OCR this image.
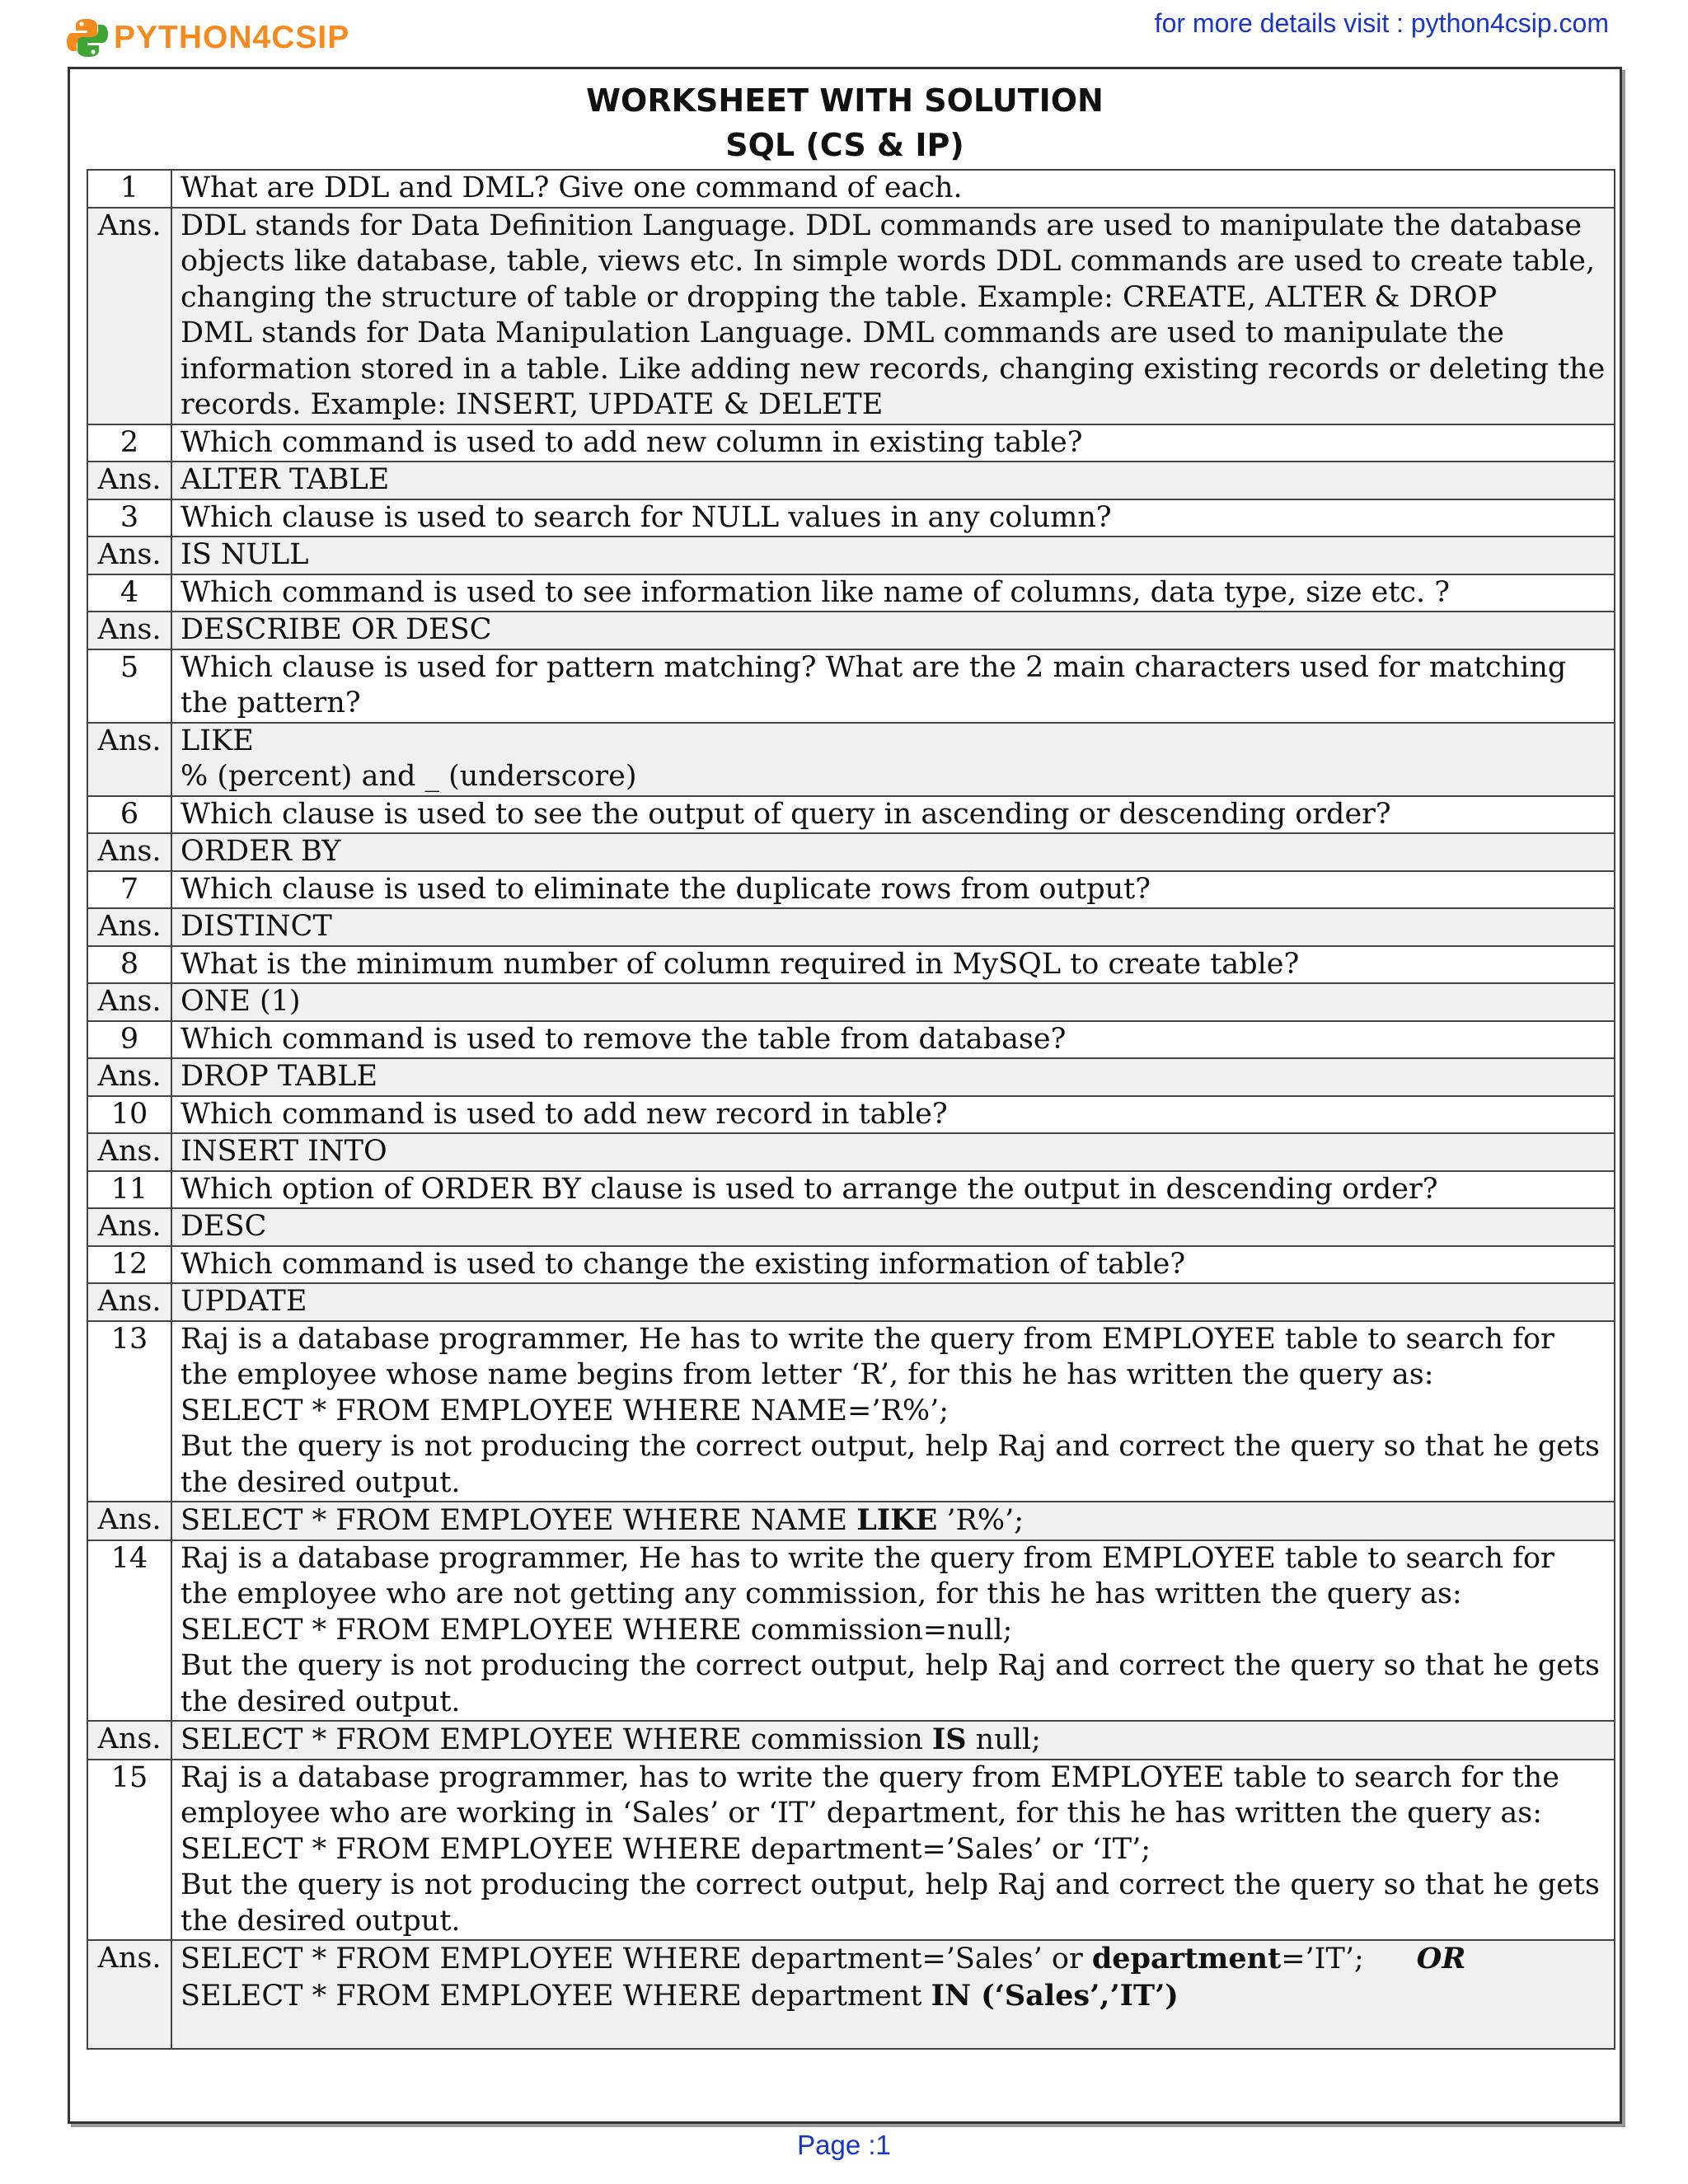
PYTHON4CSIP	for more details visit : python4csip.com
WORKSHEET WITH SOLUTION
SQL (CS & IP)
1	What are DDL and DML? Give one command of each.
Ans.	DDL stands for Data Definition Language. DDL commands are used to manipulate the database objects like database, table, views etc. In simple words DDL commands are used to create table, changing the structure of table or dropping the table. Example: CREATE, ALTER & DROP
DML stands for Data Manipulation Language. DML commands are used to manipulate the information stored in a table. Like adding new records, changing existing records or deleting the records. Example: INSERT, UPDATE & DELETE

2	Which command is used to add new column in existing table?
Ans.	ALTER TABLE
3	Which clause is used to search for NULL values in any column?
Ans.	IS NULL
4	Which command is used to see information like name of columns, data type, size etc. ?
Ans.	DESCRIBE OR DESC
5	Which clause is used for pattern matching? What are the 2 main characters used for matching the pattern?
Ans.	LIKE
% (percent) and _ (underscore)

6	Which clause is used to see the output of query in ascending or descending order?
Ans.	ORDER BY
7	Which clause is used to eliminate the duplicate rows from output?
Ans.	DISTINCT
8	What is the minimum number of column required in MySQL to create table?
Ans.	ONE (1)
9	Which command is used to remove the table from database?
Ans.	DROP TABLE
10	Which command is used to add new record in table?
Ans.	INSERT INTO
11	Which option of ORDER BY clause is used to arrange the output in descending order?
Ans.	DESC
12	Which command is used to change the existing information of table?
Ans.	UPDATE
13	Raj is a database programmer, He has to write the query from EMPLOYEE table to search for the employee whose name begins from letter ‘R’, for this he has written the query as:
SELECT * FROM EMPLOYEE WHERE NAME=’R%’;
But the query is not producing the correct output, help Raj and correct the query so that he gets the desired output.

Ans.	SELECT * FROM EMPLOYEE WHERE NAME LIKE ’R%’;
14	Raj is a database programmer, He has to write the query from EMPLOYEE table to search for the employee who are not getting any commission, for this he has written the query as:
SELECT * FROM EMPLOYEE WHERE commission=null;
But the query is not producing the correct output, help Raj and correct the query so that he gets the desired output.

Ans.	SELECT * FROM EMPLOYEE WHERE commission IS null;
15	Raj is a database programmer, has to write the query from EMPLOYEE table to search for the employee who are working in ‘Sales’ or ‘IT’ department, for this he has written the query as:
SELECT * FROM EMPLOYEE WHERE department=’Sales’ or ‘IT’;
But the query is not producing the correct output, help Raj and correct the query so that he gets the desired output.

Ans.	SELECT * FROM EMPLOYEE WHERE department=’Sales’ or department=’IT’; OR
SELECT * FROM EMPLOYEE WHERE department IN (‘Sales’,’IT’)
Page :1
